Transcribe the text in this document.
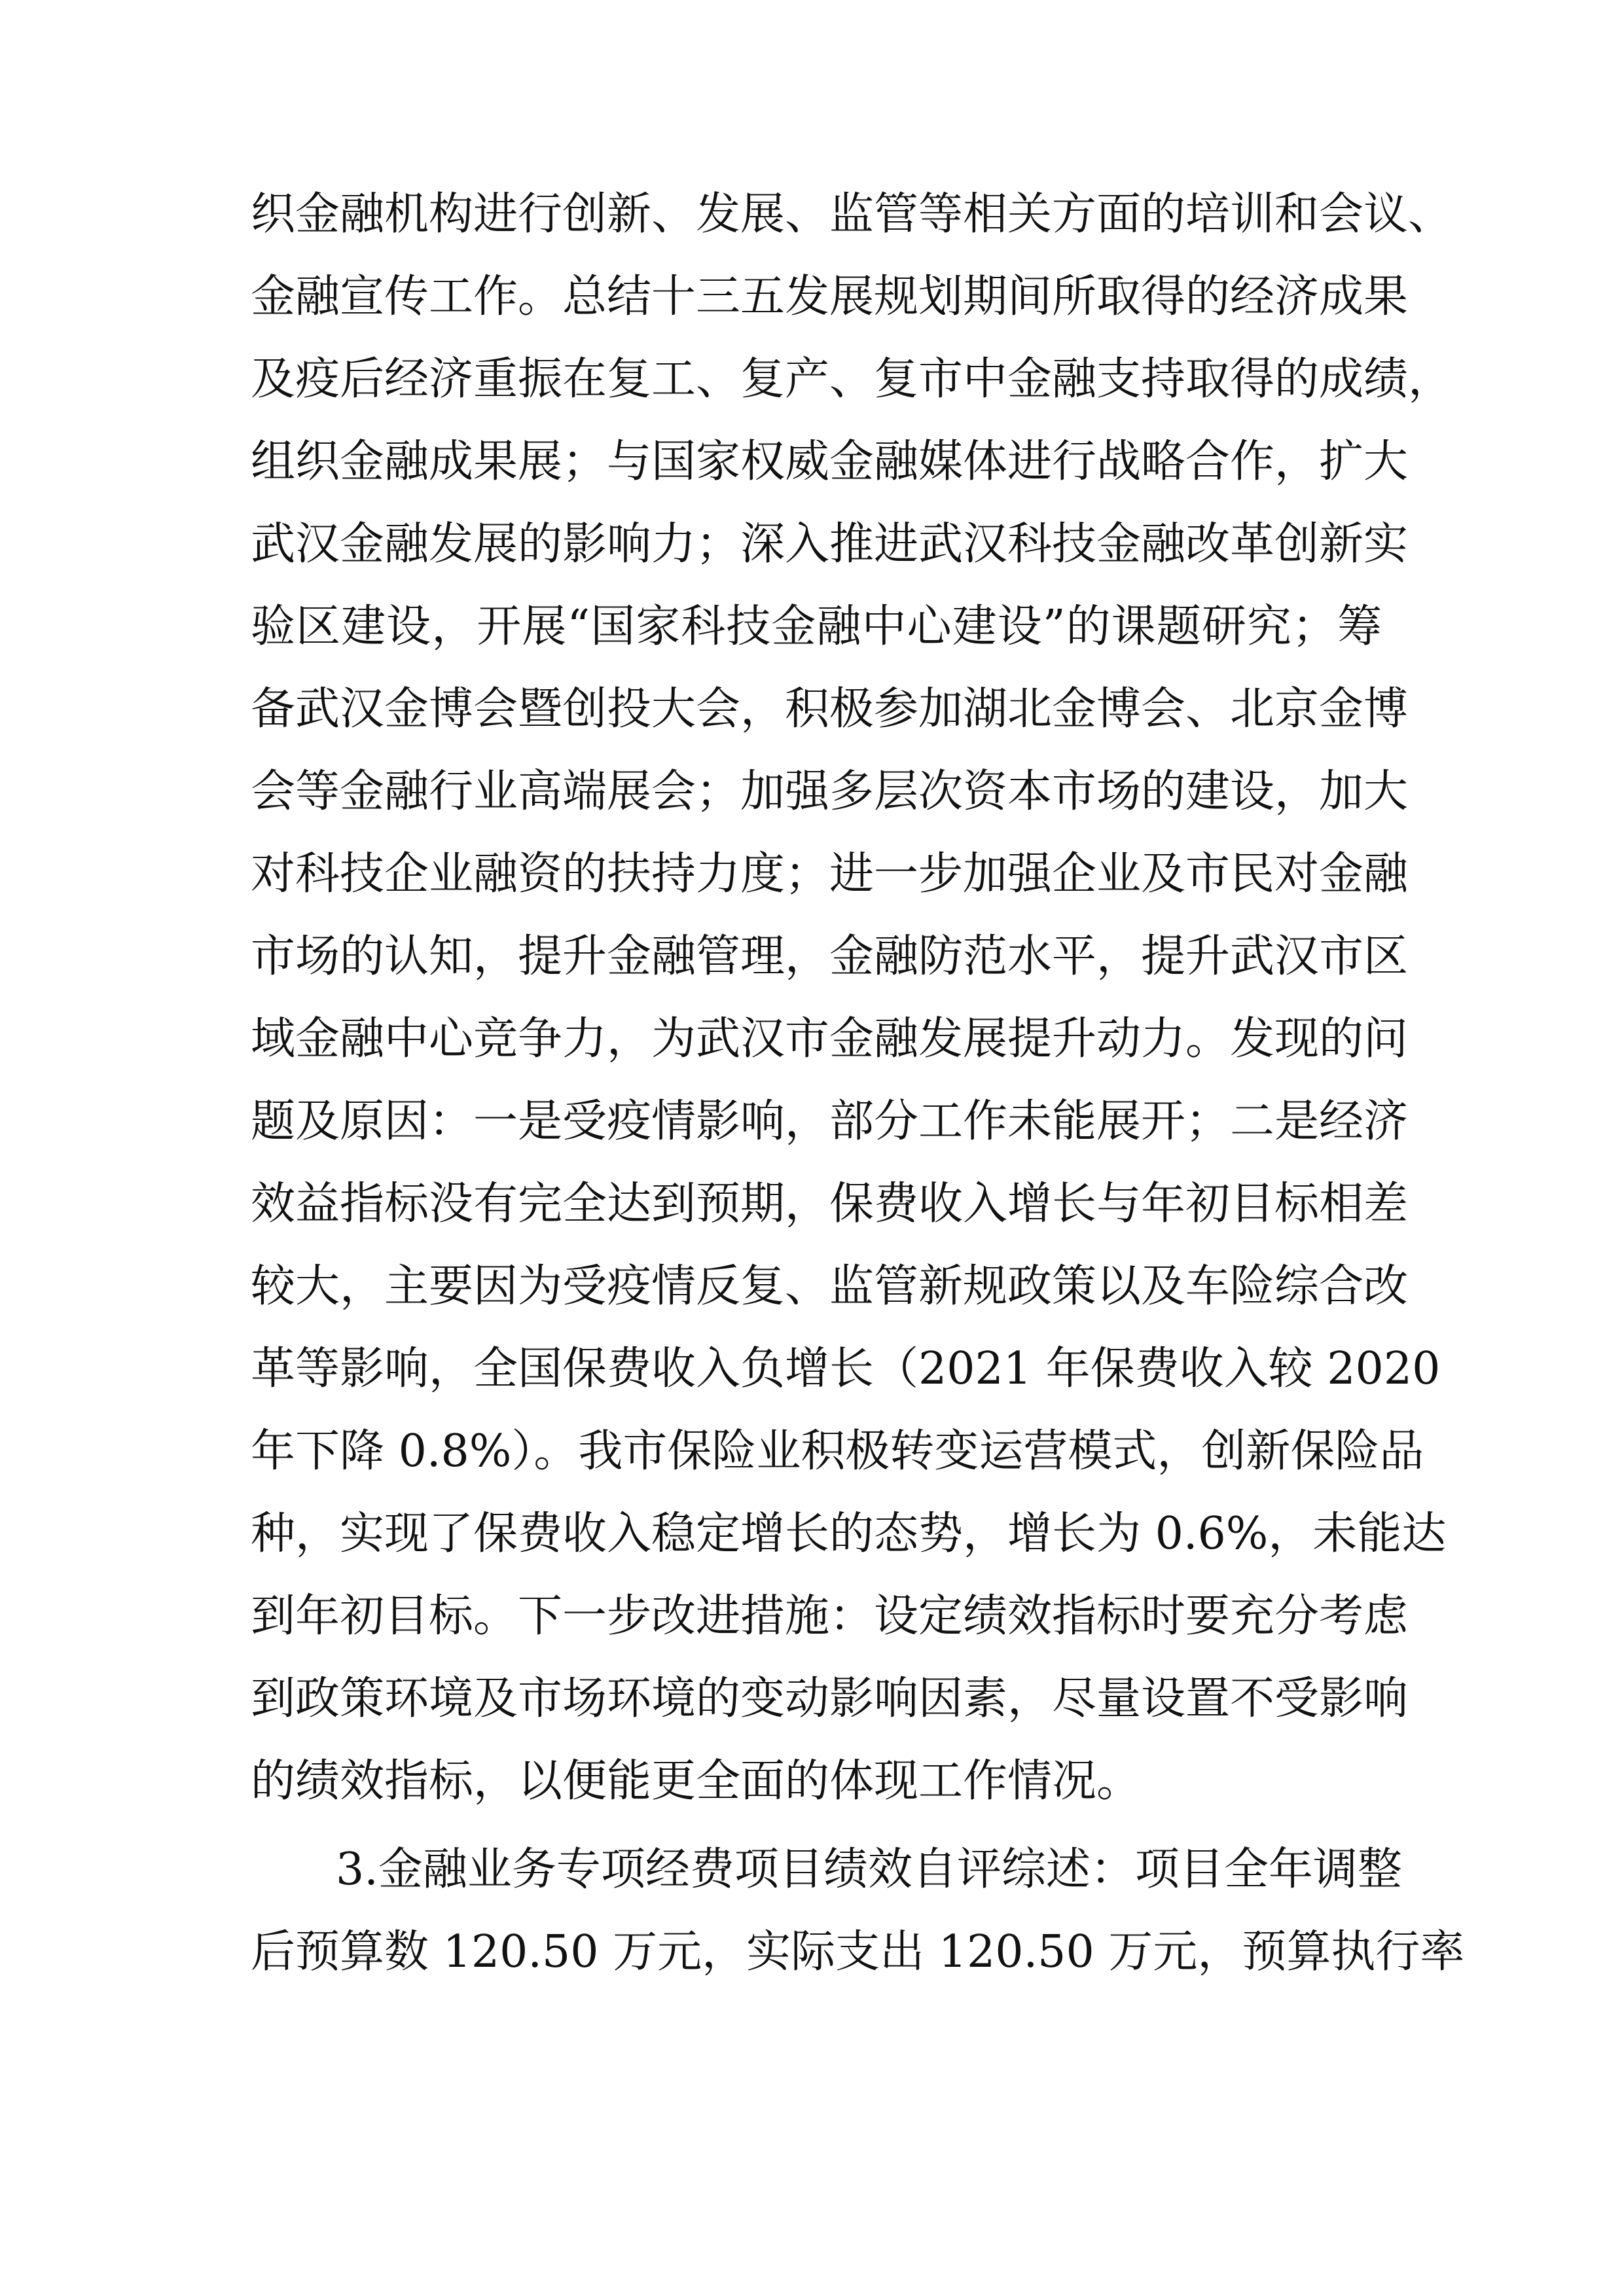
织金融机构进行创新、发展、监管等相关方面的培训和会议、
金融宣传工作。总结十三五发展规划期间所取得的经济成果
及疫后经济重振在复工、复产、复市中金融支持取得的成绩，
组织金融成果展；与国家权威金融媒体进行战略合作，扩大
武汉金融发展的影响力；深入推进武汉科技金融改革创新实
验区建设，开展“国家科技金融中心建设”的课题研究；筹
备武汉金博会暨创投大会，积极参加湖北金博会、北京金博
会等金融行业高端展会；加强多层次资本市场的建设，加大
对科技企业融资的扶持力度；进一步加强企业及市民对金融
市场的认知，提升金融管理，金融防范水平，提升武汉市区
域金融中心竞争力，为武汉市金融发展提升动力。发现的问
题及原因：一是受疫情影响，部分工作未能展开；二是经济
效益指标没有完全达到预期，保费收入增长与年初目标相差
较大，主要因为受疫情反复、监管新规政策以及车险综合改
革等影响，全国保费收入负增长（2021 年保费收入较 2020
年下降 0.8%）。我市保险业积极转变运营模式，创新保险品
种，实现了保费收入稳定增长的态势，增长为 0.6%，未能达
到年初目标。下一步改进措施：设定绩效指标时要充分考虑
到政策环境及市场环境的变动影响因素，尽量设置不受影响
的绩效指标，以便能更全面的体现工作情况。
3.金融业务专项经费项目绩效自评综述：项目全年调整
后预算数 120.50 万元，实际支出 120.50 万元，预算执行率
